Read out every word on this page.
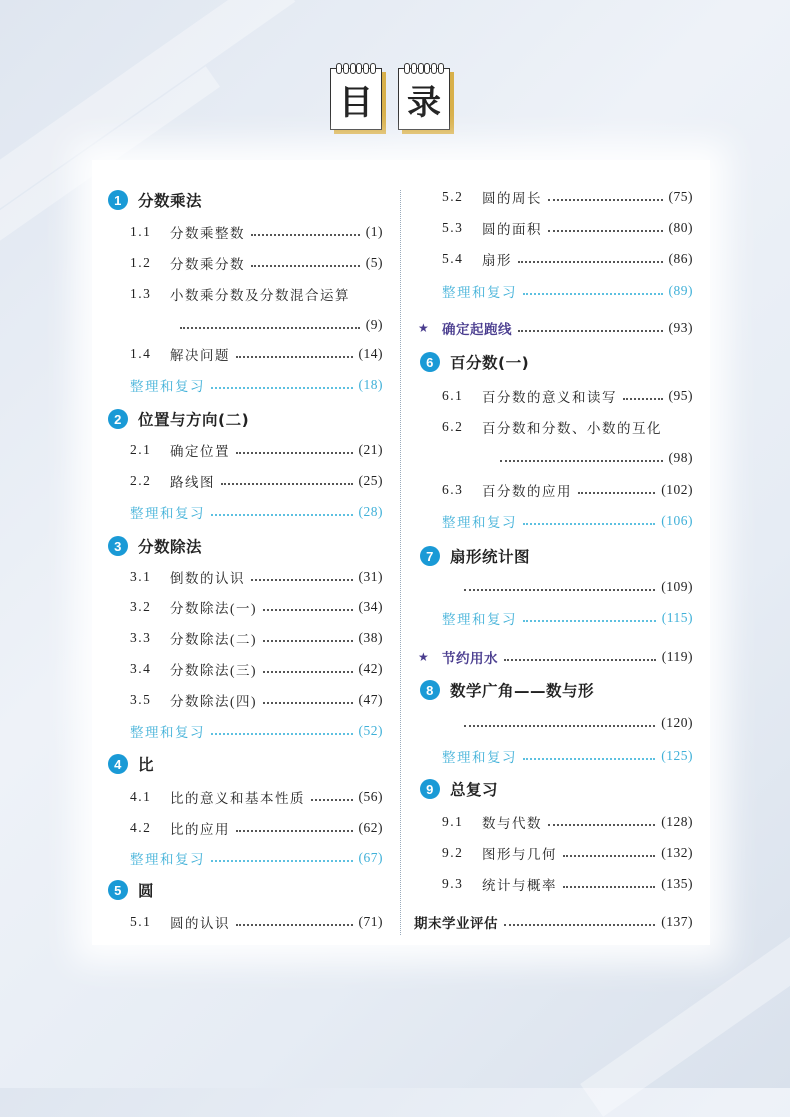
目 录
1	分数乘法
1.1	分数乘整数	(1)
1.2	分数乘分数	(5)
1.3	小数乘分数及分数混合运算
(9)
1.4	解决问题	(14)
整理和复习	(18)
2	位置与方向(二)
2.1	确定位置	(21)
2.2	路线图	(25)
整理和复习	(28)
3	分数除法
3.1	倒数的认识	(31)
3.2	分数除法(一)	(34)
3.3	分数除法(二)	(38)
3.4	分数除法(三)	(42)
3.5	分数除法(四)	(47)
整理和复习	(52)
4	比
4.1	比的意义和基本性质	(56)
4.2	比的应用	(62)
整理和复习	(67)
5	圆
5.1	圆的认识	(71)
5.2	圆的周长	(75)
5.3	圆的面积	(80)
5.4	扇形	(86)
整理和复习	(89)
★ 确定起跑线	(93)
6	百分数(一)
6.1	百分数的意义和读写	(95)
6.2	百分数和分数、小数的互化
(98)
6.3	百分数的应用	(102)
整理和复习	(106)
7	扇形统计图
(109)
整理和复习	(115)
★ 节约用水	(119)
8	数学广角——数与形
(120)
整理和复习	(125)
9	总复习
9.1	数与代数	(128)
9.2	图形与几何	(132)
9.3	统计与概率	(135)
期末学业评估	(137)
